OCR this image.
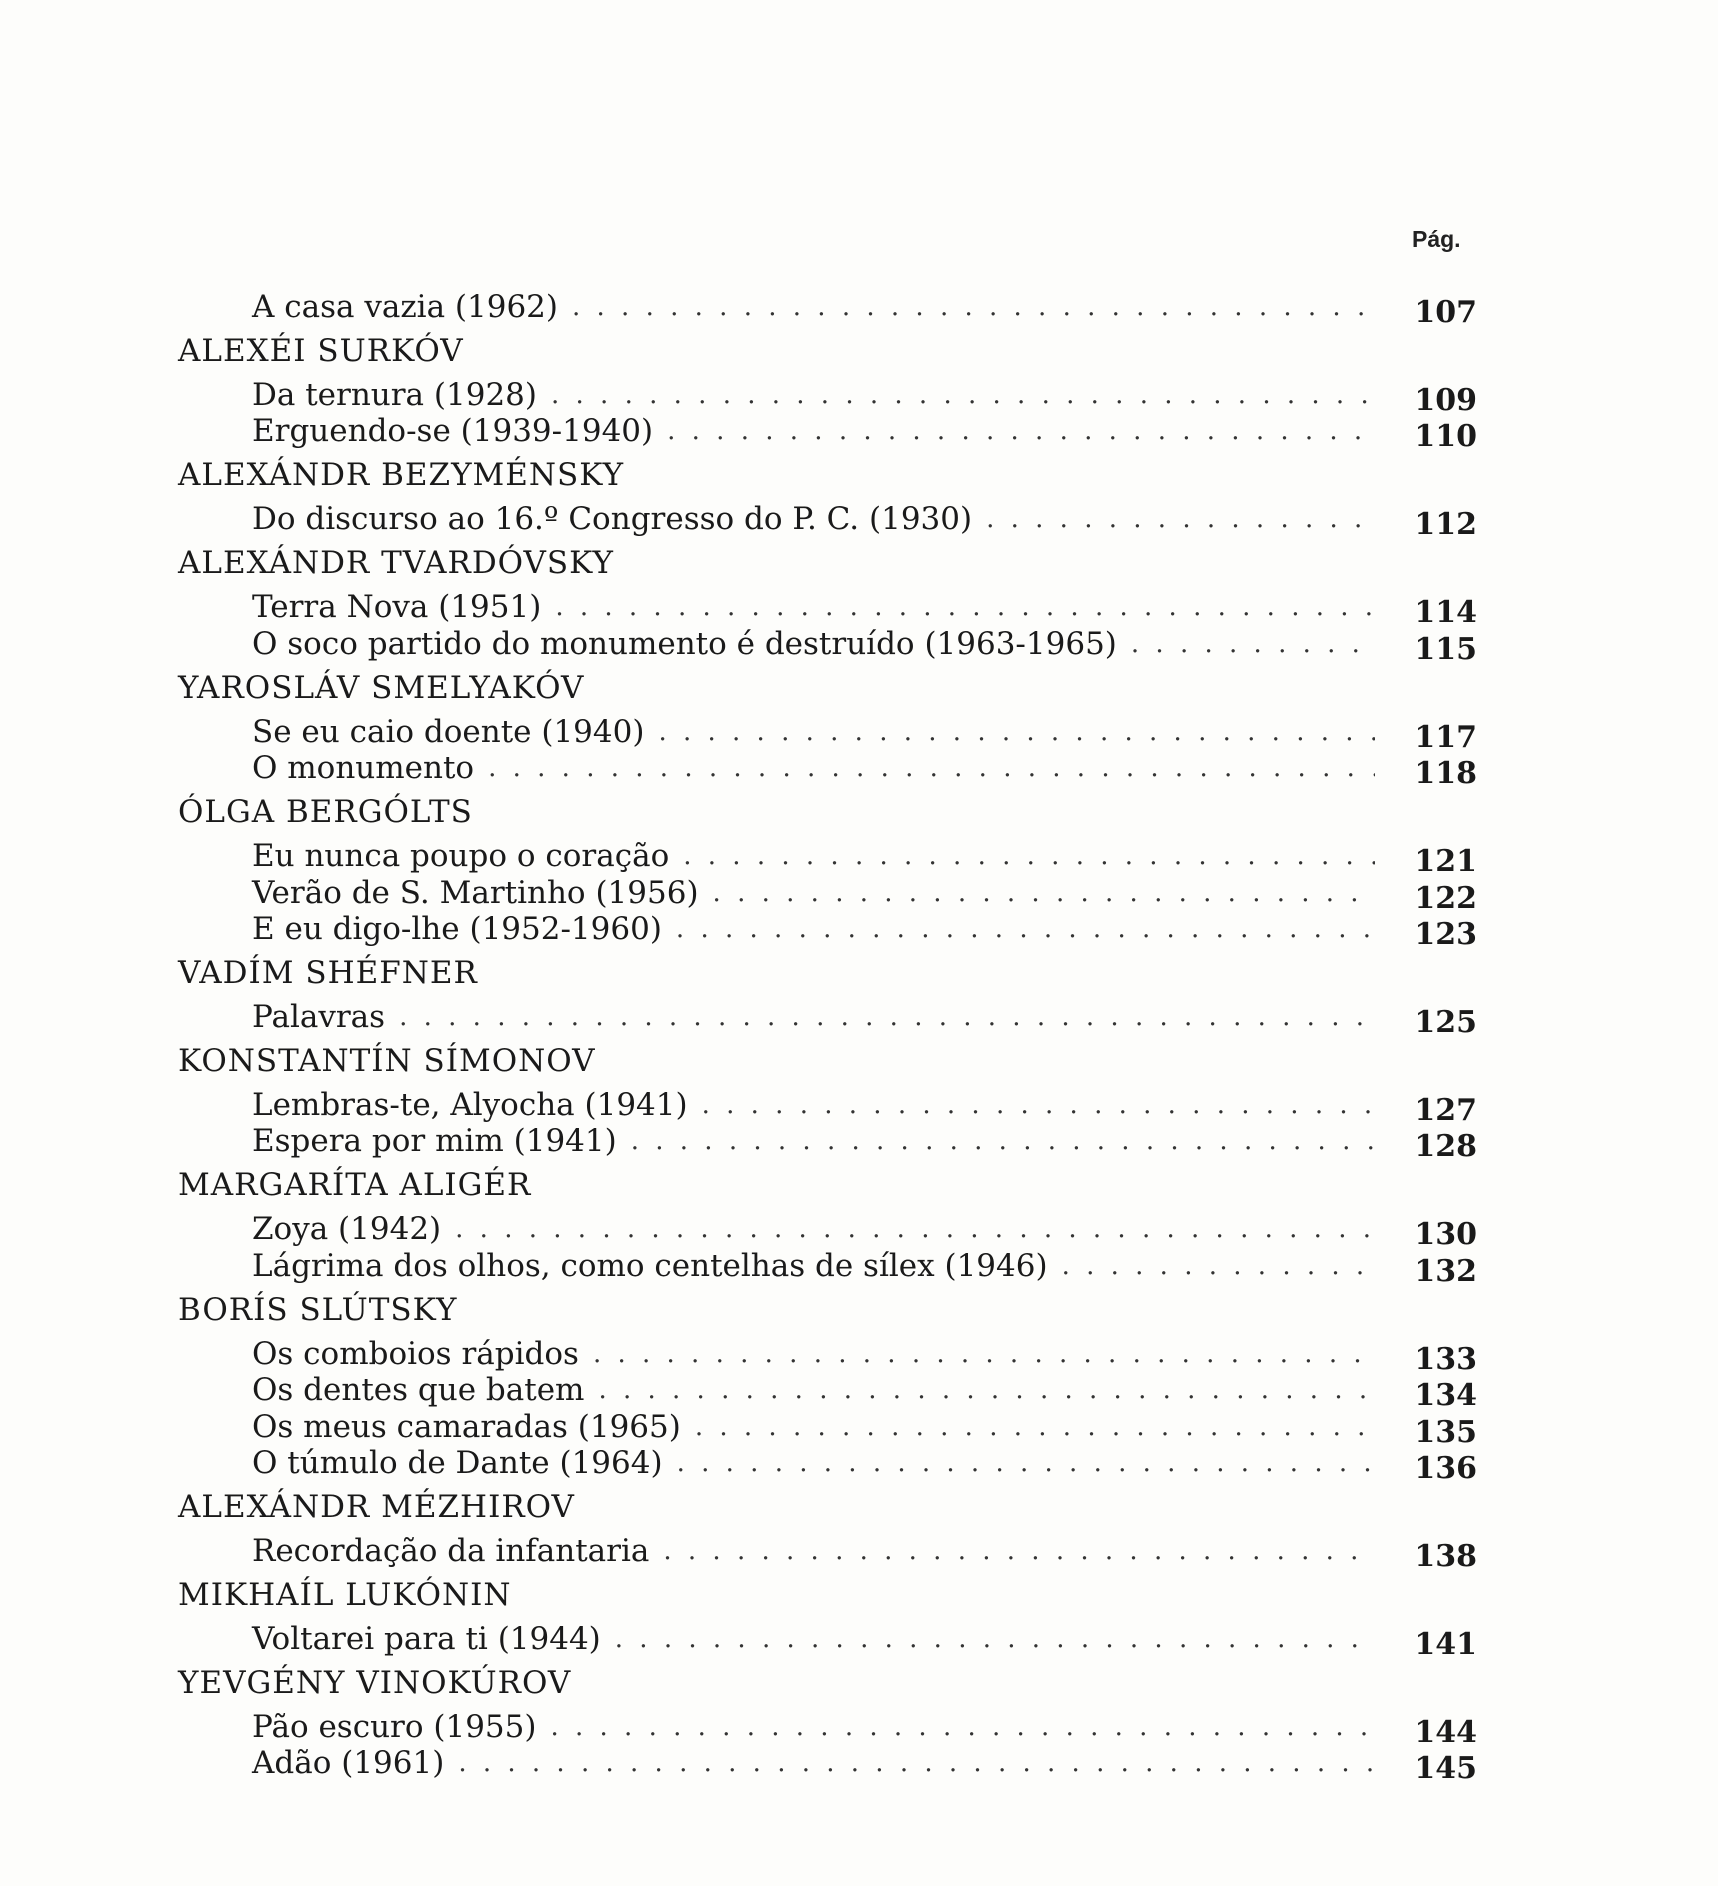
Pág.
A casa vazia (1962) . . .	107
ALEXÉI SURKÓV
Da ternura (1928) . . .	109
Erguendo-se (1939-1940) . . .	110
ALEXÁNDR BEZYMÉNSKY
Do discurso ao 16.º Congresso do P. C. (1930) . . .	112
ALEXÁNDR TVARDÓVSKY
Terra Nova (1951) . . .	114
O soco partido do monumento é destruído (1963-1965) . . .	115
YAROSLÁV SMELYAKÓV
Se eu caio doente (1940) . . .	117
O monumento . . .	118
ÓLGA BERGÓLTS
Eu nunca poupo o coração . . .	121
Verão de S. Martinho (1956) . . .	122
E eu digo-lhe (1952-1960) . . .	123
VADÍM SHÉFNER
Palavras . . .	125
KONSTANTÍN SÍMONOV
Lembras-te, Alyocha (1941) . . .	127
Espera por mim (1941) . . .	128
MARGARÍTA ALIGÉR
Zoya (1942) . . .	130
Lágrima dos olhos, como centelhas de sílex (1946) . . .	132
BORÍS SLÚTSKY
Os comboios rápidos . . .	133
Os dentes que batem . . .	134
Os meus camaradas (1965) . . .	135
O túmulo de Dante (1964) . . .	136
ALEXÁNDR MÉZHIROV
Recordação da infantaria . . .	138
MIKHAÍL LUKÓNIN
Voltarei para ti (1944) . . .	141
YEVGÉNY VINOKÚROV
Pão escuro (1955) . . .	144
Adão (1961) . . .	145
